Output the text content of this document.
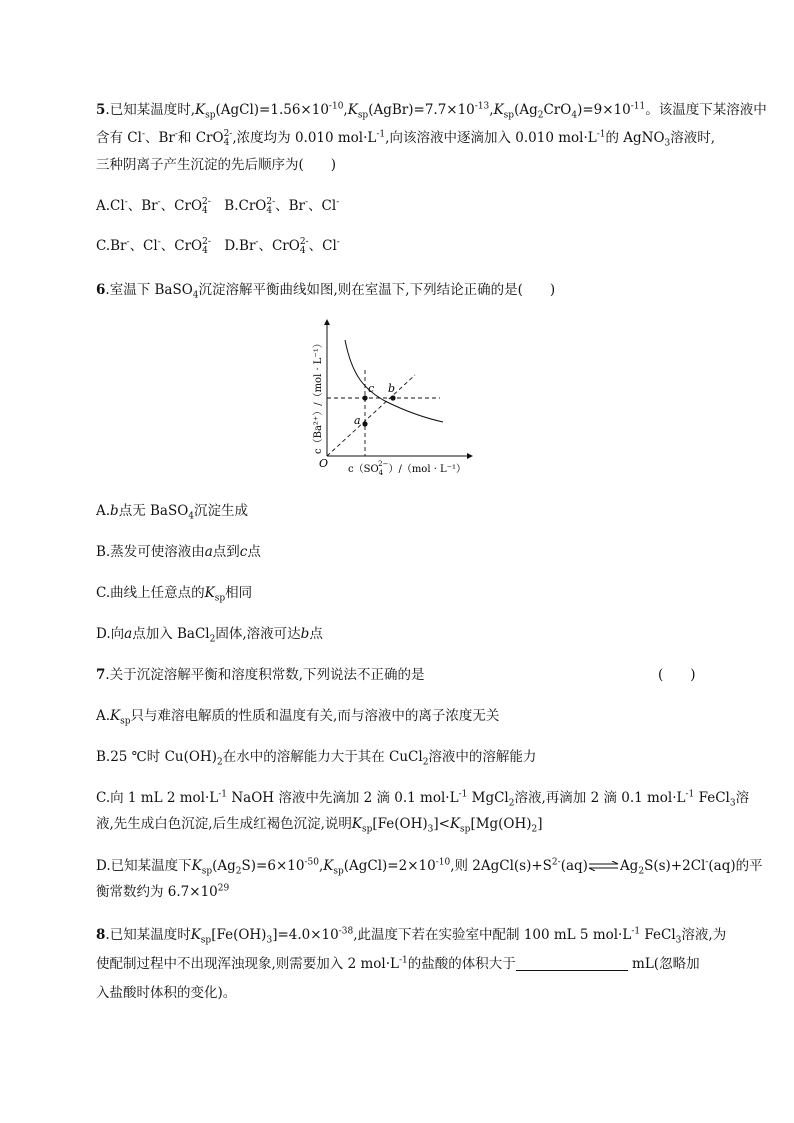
5.已知某温度时$,K_{sp}(AgCl)=1.56\times 10^{-10},K_{sp}(AgBr)=7.7\times 10^{-13},K_{sp}(Ag_2CrO_4)=9\times 10^{-11}$。该温度下某溶液中
含有 Cl-、Br-和 CrO 2-
4 ,浓度均为 0.010 $mol\cdot L^{-1}$,向该溶液中逐滴加入 0.010 $mol\cdot L^{-1}$的 AgNO$_3$溶液时,
三种阴离子产生沉淀的先后顺序为(　　)
A.Cl-、Br-、CrO 2-
4 　B.CrO 2-
4 、Br-、Cl-
C.Br-、Cl-、CrO 2-
4 　D.Br-、CrO 2-
4 、Cl-
6.室温下 BaSO$_4$沉淀溶解平衡曲线如图,则在室温下,下列结论正确的是(　　)
c b
a
O
c（Ba²⁺）/（mol · L⁻¹）
$c(SO_42-)/(mol \cdot L^{-1})$
A.b点无 BaSO$_4$沉淀生成
B.蒸发可使溶液由a点到c点
C.曲线上任意点的$K_{sp}$相同
D.向a点加入 BaCl$_2$固体,溶液可达b点
7.关于沉淀溶解平衡和溶度积常数,下列说法不正确的是	(　　)
$A.K_{sp}$只与难溶电解质的性质和温度有关,而与溶液中的离子浓度无关
B.25 ℃时 $Cu(OH)_2$在水中的溶解能力大于其在 CuCl$_2$溶液中的溶解能力
C.向 1 mL 2 $mol\cdot L^{-1}$ NaOH 溶液中先滴加 2 滴 0.1 $mol\cdot L^{-1}$ MgCl$_2$溶液,再滴加 2 滴 0.1 $mol\cdot L^{-1}$ FeCl$_3$溶
液,先生成白色沉淀,后生成红褐色沉淀,说明$K_{sp}[Fe(OH)_3]<K_{sp}[Mg(OH)_2]$
D.已知某温度下$K_{sp}(Ag_2S)=6\times 10^{-50},K_{sp}(AgCl)=2\times 10^{-10}$,则 $2AgCl(s)+S^{2-}(aq)\rightleftharpoons Ag_2S(s)+2Cl^-(aq)$的平
衡常数约为 $6.7\times 10^{29}$
8.已知某温度时$K_{sp}[Fe(OH)_3]=4.0\times 10^{-38}$,此温度下若在实验室中配制 100 mL 5 $mol\cdot L^{-1}$ FeCl$_3$溶液,为
使配制过程中不出现浑浊现象,则需要加入 2 $mol\cdot L^{-1}$的盐酸的体积大于	mL(忽略加
入盐酸时体积的变化)。
